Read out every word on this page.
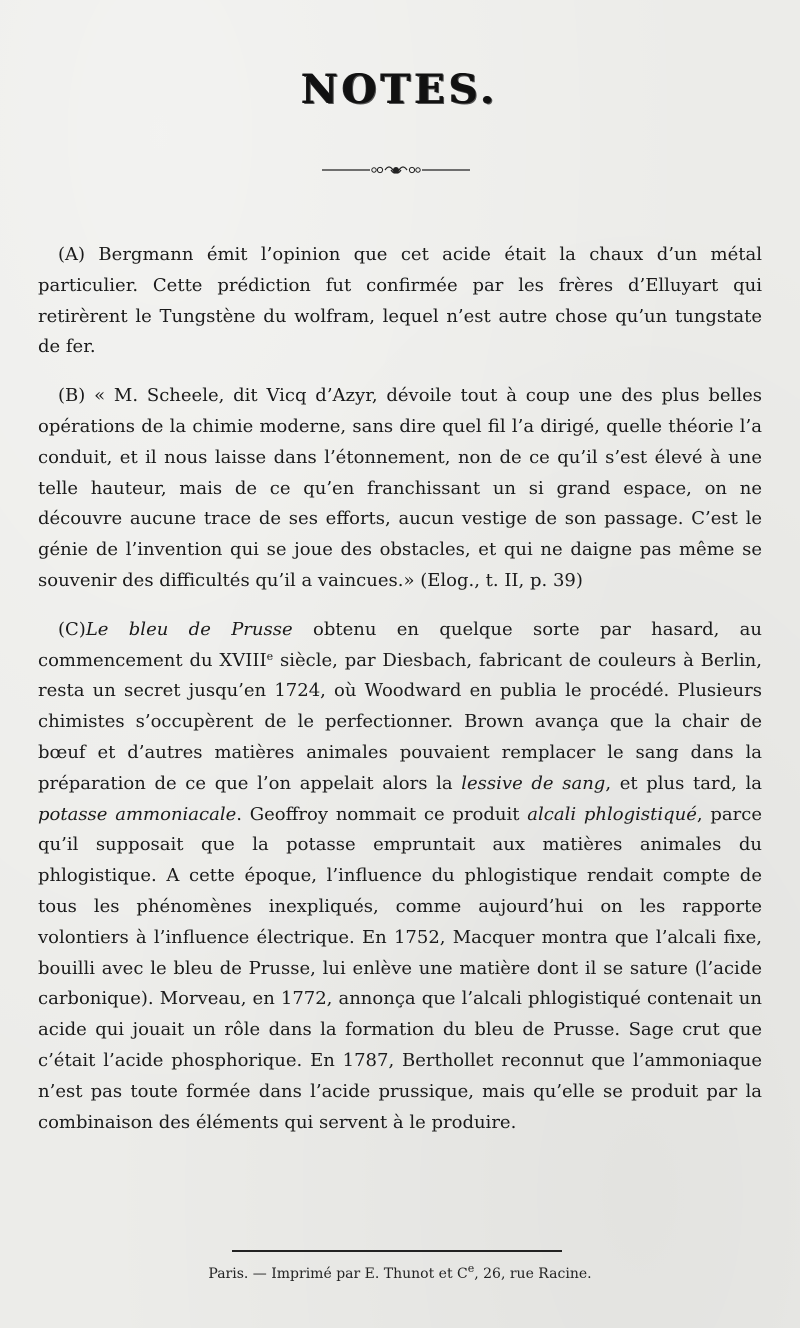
NOTES.

(A) Bergmann émit l’opinion que cet acide était la chaux d’un métal particulier. Cette prédiction fut confirmée par les frères d’Elluyart qui retirèrent le Tungstène du wolfram, lequel n’est autre chose qu’un tungstate de fer.

(B) « M. Scheele, dit Vicq d’Azyr, dévoile tout à coup une des plus belles opérations de la chimie moderne, sans dire quel fil l’a dirigé, quelle théorie l’a conduit, et il nous laisse dans l’étonnement, non de ce qu’il s’est élevé à une telle hauteur, mais de ce qu’en franchissant un si grand espace, on ne découvre aucune trace de ses efforts, aucun vestige de son passage. C’est le génie de l’invention qui se joue des obstacles, et qui ne daigne pas même se souvenir des difficultés qu’il a vaincues.» (Elog., t. II, p. 39)

(C)Le bleu de Prusse obtenu en quelque sorte par hasard, au commencement du XVIIIe siècle, par Diesbach, fabricant de couleurs à Berlin, resta un secret jusqu’en 1724, où Woodward en publia le procédé. Plusieurs chimistes s’occupèrent de le perfectionner. Brown avança que la chair de bœuf et d’autres matières animales pouvaient remplacer le sang dans la préparation de ce que l’on appelait alors la lessive de sang, et plus tard, la potasse ammoniacale. Geoffroy nommait ce produit alcali phlogistiqué, parce qu’il supposait que la potasse empruntait aux matières animales du phlogistique. A cette époque, l’influence du phlogistique rendait compte de tous les phénomènes inexpliqués, comme aujourd’hui on les rapporte volontiers à l’influence électrique. En 1752, Macquer montra que l’alcali fixe, bouilli avec le bleu de Prusse, lui enlève une matière dont il se sature (l’acide carbonique). Morveau, en 1772, annonça que l’alcali phlogistiqué contenait un acide qui jouait un rôle dans la formation du bleu de Prusse. Sage crut que c’était l’acide phosphorique. En 1787, Berthollet reconnut que l’ammoniaque n’est pas toute formée dans l’acide prussique, mais qu’elle se produit par la combinaison des éléments qui servent à le produire.

Paris. — Imprimé par E. Thunot et Ce, 26, rue Racine.
